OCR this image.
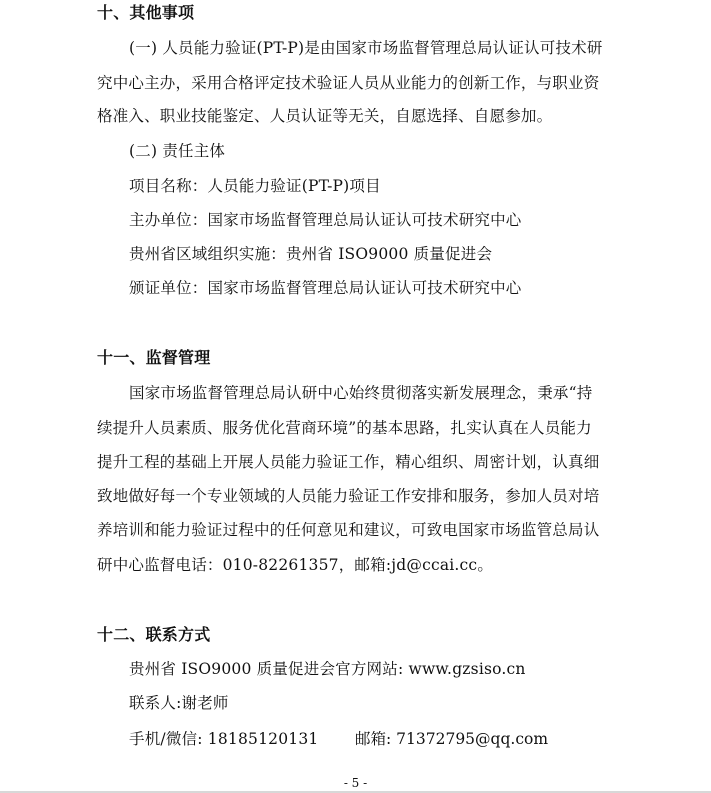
十、其他事项
(一) 人员能力验证(PT-P)是由国家市场监督管理总局认证认可技术研
究中心主办，采用合格评定技术验证人员从业能力的创新工作，与职业资
格准入、职业技能鉴定、人员认证等无关，自愿选择、自愿参加。
(二) 责任主体
项目名称：人员能力验证(PT-P)项目
主办单位：国家市场监督管理总局认证认可技术研究中心
贵州省区域组织实施：贵州省 ISO9000 质量促进会
颁证单位：国家市场监督管理总局认证认可技术研究中心
十一、监督管理
国家市场监督管理总局认研中心始终贯彻落实新发展理念，秉承“持
续提升人员素质、服务优化营商环境”的基本思路，扎实认真在人员能力
提升工程的基础上开展人员能力验证工作，精心组织、周密计划，认真细
致地做好每一个专业领域的人员能力验证工作安排和服务，参加人员对培
养培训和能力验证过程中的任何意见和建议，可致电国家市场监管总局认
研中心监督电话：010-82261357，邮箱:jd@ccai.cc。
十二、联系方式
贵州省 ISO9000 质量促进会官方网站: www.gzsiso.cn
联系人:谢老师
手机/微信: 18185120131 邮箱: 71372795@qq.com
- 5 -
